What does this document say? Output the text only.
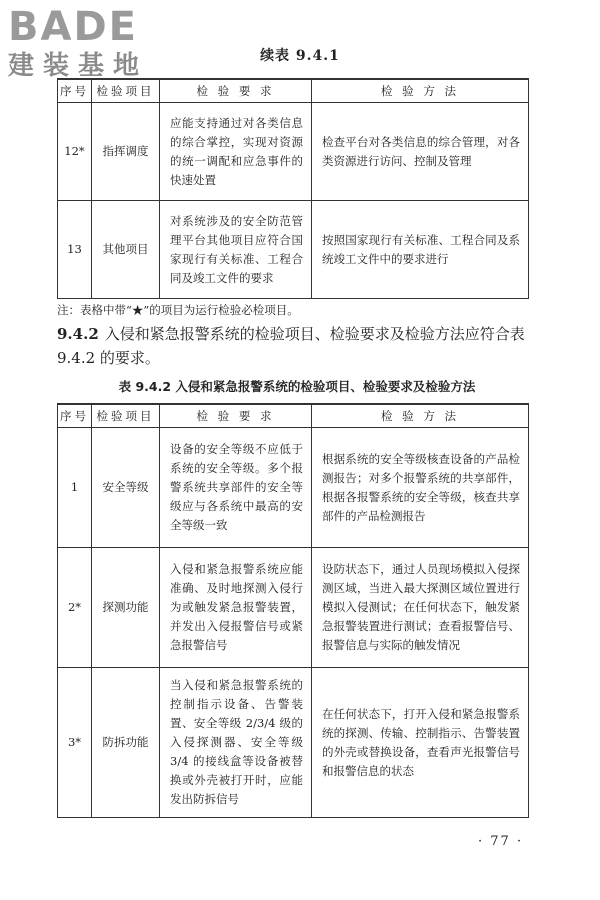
BADE
建装基地	续表 9.4.1
序号	检验项目	检 验 要 求	检 验 方 法
12*	指挥调度	应能支持通过对各类信息的综合掌控，实现对资源的统一调配和应急事件的快速处置	检查平台对各类信息的综合管理，对各类资源进行访问、控制及管理
13	其他项目	对系统涉及的安全防范管理平台其他项目应符合国家现行有关标准、工程合同及竣工文件的要求	按照国家现行有关标准、工程合同及系统竣工文件中的要求进行
注：表格中带“★”的项目为运行检验必检项目。
9.4.2 入侵和紧急报警系统的检验项目、检验要求及检验方法应符合表 9.4.2 的要求。
表 9.4.2 入侵和紧急报警系统的检验项目、检验要求及检验方法
序号	检验项目	检 验 要 求	检 验 方 法
1	安全等级	设备的安全等级不应低于系统的安全等级。多个报警系统共享部件的安全等级应与各系统中最高的安全等级一致	根据系统的安全等级核查设备的产品检测报告；对多个报警系统的共享部件，根据各报警系统的安全等级，核查共享部件的产品检测报告
2*	探测功能	入侵和紧急报警系统应能准确、及时地探测入侵行为或触发紧急报警装置，并发出入侵报警信号或紧急报警信号	设防状态下，通过人员现场模拟入侵探测区域，当进入最大探测区域位置进行模拟入侵测试；在任何状态下，触发紧急报警装置进行测试；查看报警信号、报警信息与实际的触发情况
3*	防拆功能	当入侵和紧急报警系统的控制指示设备、告警装置、安全等级 2/3/4 级的入侵探测器、安全等级 3/4 的接线盒等设备被替换或外壳被打开时，应能发出防拆信号	在任何状态下，打开入侵和紧急报警系统的探测、传输、控制指示、告警装置的外壳或替换设备，查看声光报警信号和报警信息的状态
· 77 ·
